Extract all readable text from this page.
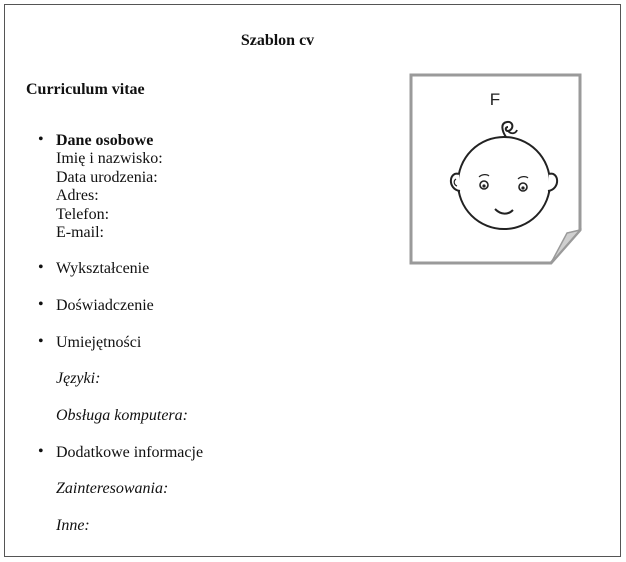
Szablon cv
Curriculum vitae
• Dane osobowe
Imię i nazwisko:
Data urodzenia:
Adres:
Telefon:
E-mail:
• Wykształcenie
• Doświadczenie
• Umiejętności
Języki:
Obsługa komputera:
• Dodatkowe informacje
Zainteresowania:
Inne:
F
